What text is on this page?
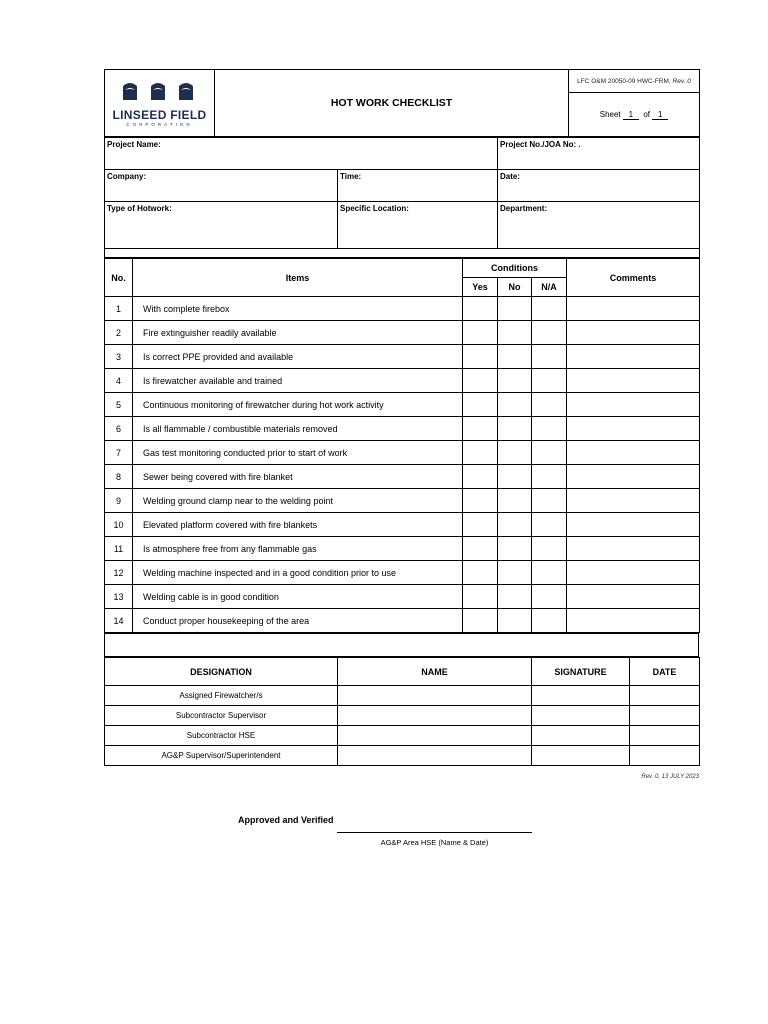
LINSEED FIELD
CORPORATION
	HOT WORK CHECKLIST	LFC O&M 20050-09 HWC-FRM, Rev. 0
Sheet 1 of 1
Project Name:		Project No./JOA No: .
Company:	Time:	Date:
Type of Hotwork:	Specific Location:	Department:

No.	Items	Conditions			Comments
		Yes	No	N/A	
1	With complete firebox				
2	Fire extinguisher readily available				
3	Is correct PPE provided and available				
4	Is firewatcher available and trained				
5	Continuous monitoring of firewatcher during hot work activity				
6	Is all flammable / combustible materials removed				
7	Gas test monitoring conducted prior to start of work				
8	Sewer being covered with fire blanket				
9	Welding ground clamp near to the welding point				
10	Elevated platform covered with fire blankets				
11	Is atmosphere free from any flammable gas				
12	Welding machine inspected and in a good condition prior to use				
13	Welding cable is in good condition				
14	Conduct proper housekeeping of the area				
DESIGNATION	NAME	SIGNATURE	DATE
Assigned Firewatcher/s			
Subcontractor Supervisor			
Subcontractor HSE			
AG&P Supervisor/Superintendent			
Rev. 0, 13 JULY 2023
Approved and Verified
AG&P Area HSE (Name & Date)
